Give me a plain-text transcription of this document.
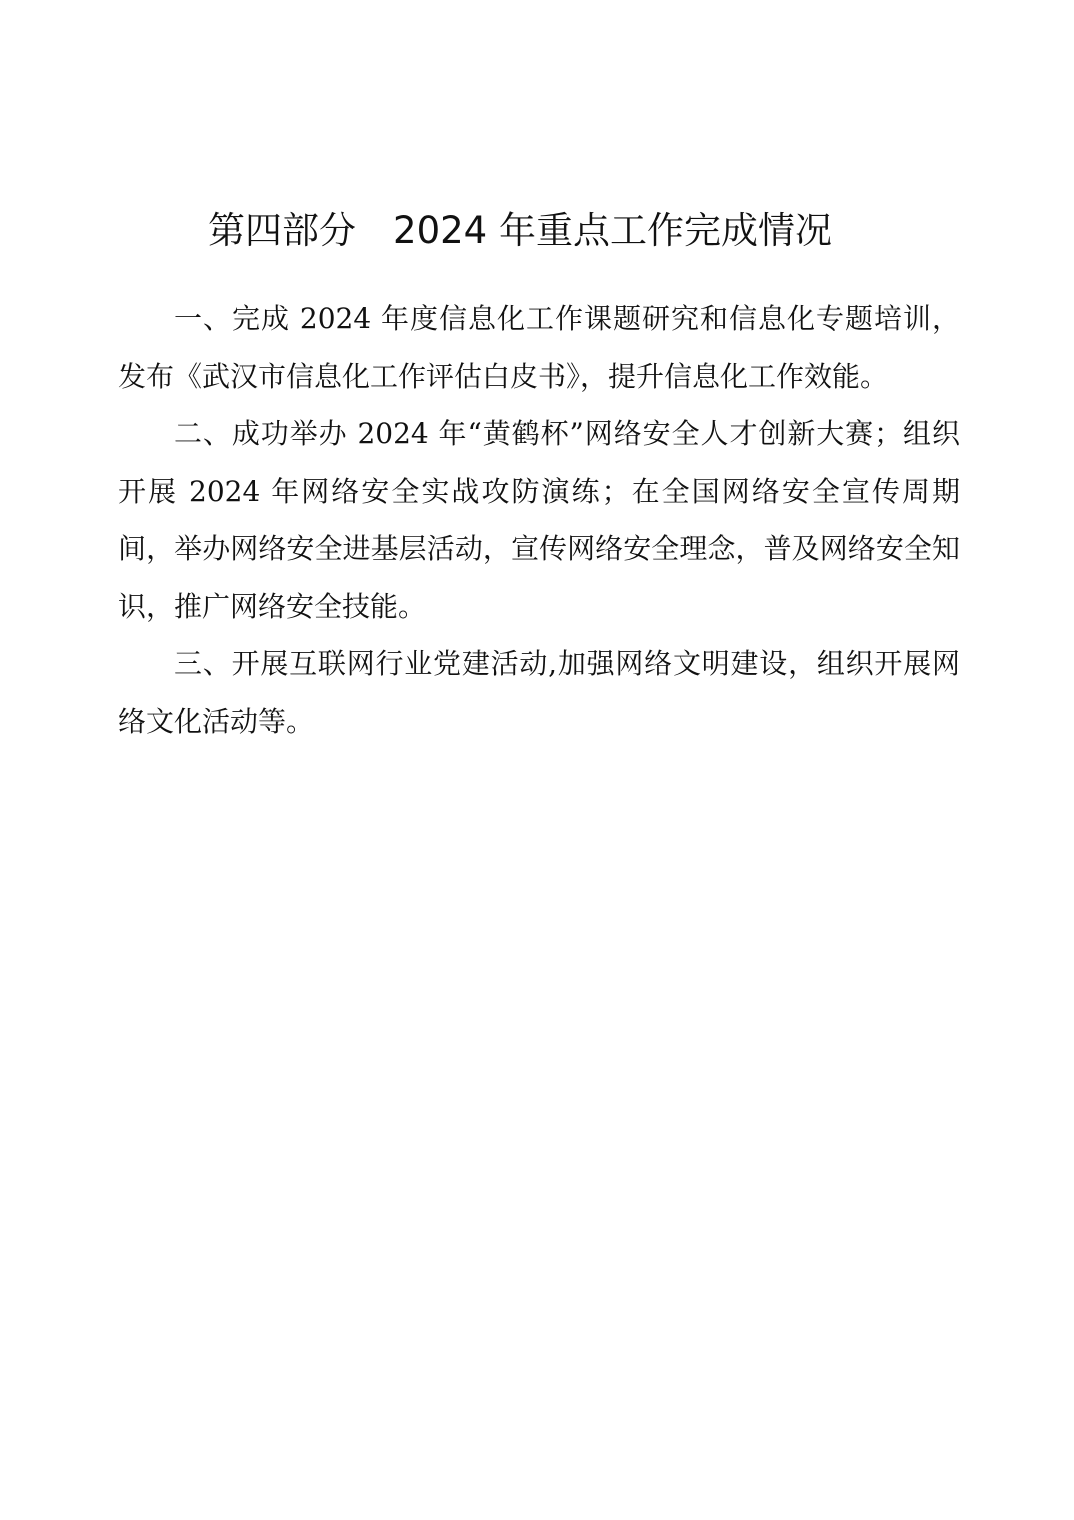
第四部分　2024 年重点工作完成情况

一、完成 2024 年度信息化工作课题研究和信息化专题培训，发布《武汉市信息化工作评估白皮书》，提升信息化工作效能。

二、成功举办 2024 年“黄鹤杯”网络安全人才创新大赛；组织开展 2024 年网络安全实战攻防演练；在全国网络安全宣传周期间，举办网络安全进基层活动，宣传网络安全理念，普及网络安全知识，推广网络安全技能。

三、开展互联网行业党建活动,加强网络文明建设，组织开展网络文化活动等。
